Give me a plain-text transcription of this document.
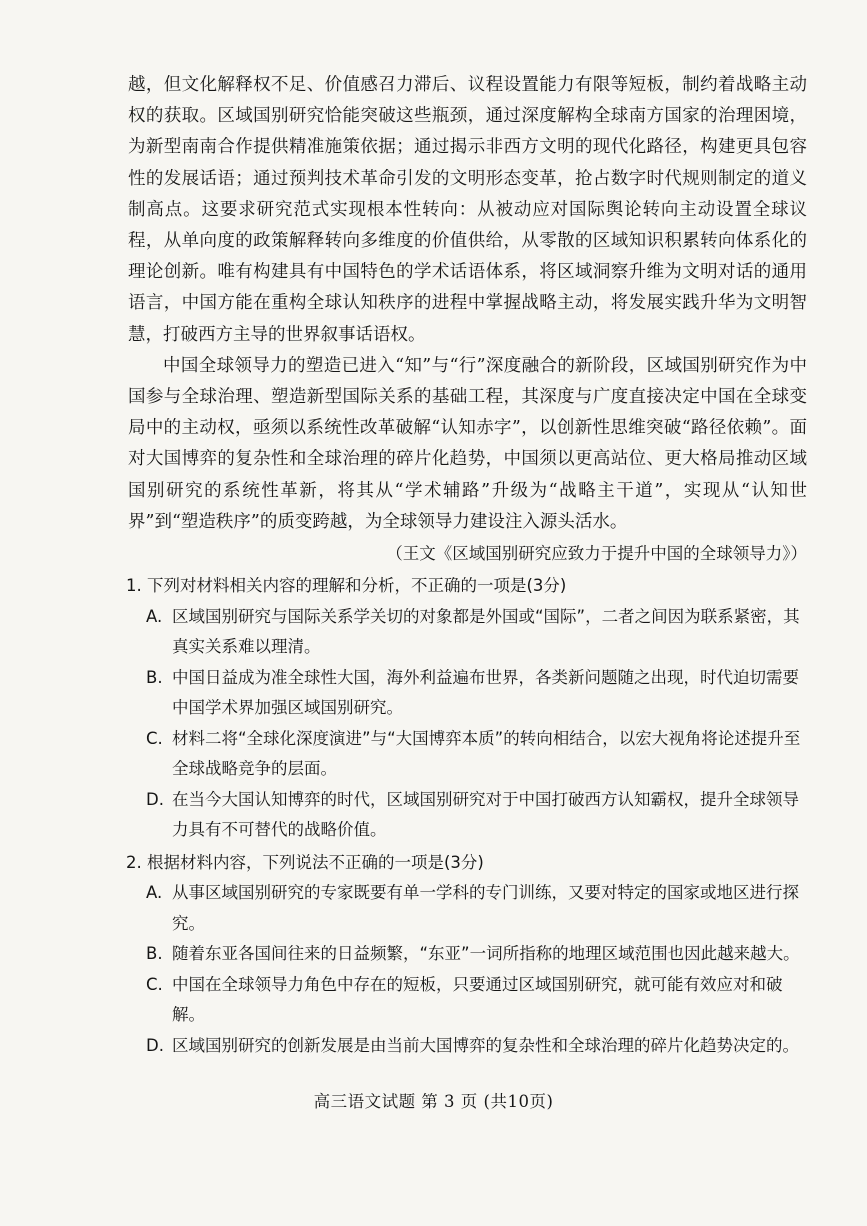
越，但文化解释权不足、价值感召力滞后、议程设置能力有限等短板，制约着战略主动权的获取。区域国别研究恰能突破这些瓶颈，通过深度解构全球南方国家的治理困境，为新型南南合作提供精准施策依据；通过揭示非西方文明的现代化路径，构建更具包容性的发展话语；通过预判技术革命引发的文明形态变革，抢占数字时代规则制定的道义制高点。这要求研究范式实现根本性转向：从被动应对国际舆论转向主动设置全球议程，从单向度的政策解释转向多维度的价值供给，从零散的区域知识积累转向体系化的理论创新。唯有构建具有中国特色的学术话语体系，将区域洞察升维为文明对话的通用语言，中国方能在重构全球认知秩序的进程中掌握战略主动，将发展实践升华为文明智慧，打破西方主导的世界叙事话语权。

中国全球领导力的塑造已进入“知”与“行”深度融合的新阶段，区域国别研究作为中国参与全球治理、塑造新型国际关系的基础工程，其深度与广度直接决定中国在全球变局中的主动权，亟须以系统性改革破解“认知赤字”，以创新性思维突破“路径依赖”。面对大国博弈的复杂性和全球治理的碎片化趋势，中国须以更高站位、更大格局推动区域国别研究的系统性革新，将其从“学术辅路”升级为“战略主干道”，实现从“认知世界”到“塑造秩序”的质变跨越，为全球领导力建设注入源头活水。

（王文《区域国别研究应致力于提升中国的全球领导力》）

1. 下列对材料相关内容的理解和分析，不正确的一项是(3分)

A. 区域国别研究与国际关系学关切的对象都是外国或“国际”，二者之间因为联系紧密，其真实关系难以理清。

B. 中国日益成为准全球性大国，海外利益遍布世界，各类新问题随之出现，时代迫切需要中国学术界加强区域国别研究。

C. 材料二将“全球化深度演进”与“大国博弈本质”的转向相结合，以宏大视角将论述提升至全球战略竞争的层面。

D. 在当今大国认知博弈的时代，区域国别研究对于中国打破西方认知霸权，提升全球领导力具有不可替代的战略价值。

2. 根据材料内容，下列说法不正确的一项是(3分)

A. 从事区域国别研究的专家既要有单一学科的专门训练，又要对特定的国家或地区进行探究。

B. 随着东亚各国间往来的日益频繁，“东亚”一词所指称的地理区域范围也因此越来越大。

C. 中国在全球领导力角色中存在的短板，只要通过区域国别研究，就可能有效应对和破解。

D. 区域国别研究的创新发展是由当前大国博弈的复杂性和全球治理的碎片化趋势决定的。

高三语文试题 第 3 页 (共10页)
